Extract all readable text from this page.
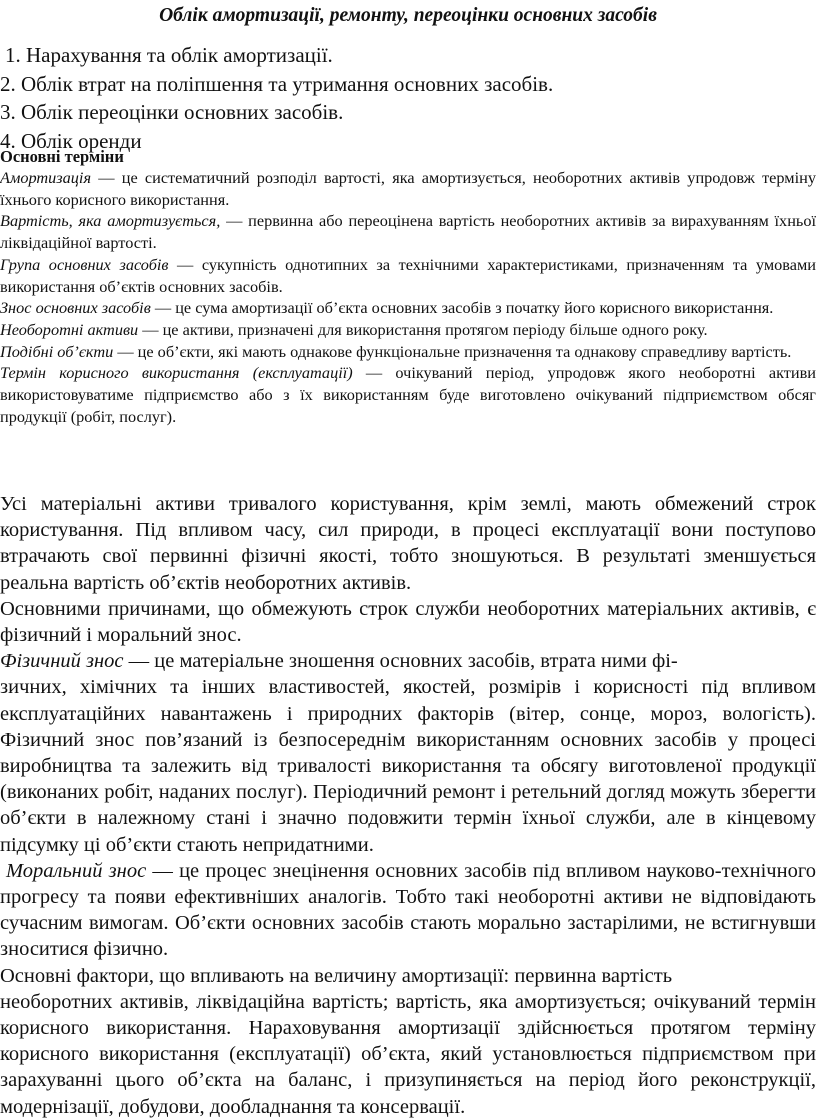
Облік амортизації, ремонту, переоцінки основних засобів
1. Нарахування та облік амортизації.
2. Облік втрат на поліпшення та утримання основних засобів.
3. Облік переоцінки основних засобів.
4. Облік оренди

Основні терміни

Амортизація — це систематичний розподіл вартості, яка амортизується, необоротних активів упродовж терміну їхнього корисного використання.

Вартість, яка амортизується, — первинна або переоцінена вартість необоротних активів за вирахуванням їхньої ліквідаційної вартості.

Група основних засобів — сукупність однотипних за технічними характеристиками, призначенням та умовами використання об’єктів основних засобів.

Знос основних засобів — це сума амортизації об’єкта основних засобів з початку його корисного використання.

Необоротні активи — це активи, призначені для використання протягом періоду більше одного року.

Подібні об’єкти — це об’єкти, які мають однакове функціональне призначення та однакову справедливу вартість.

Термін корисного використання (експлуатації) — очікуваний період, упродовж якого необоротні активи використовуватиме підприємство або з їх використанням буде виготовлено очікуваний підприємством обсяг продукції (робіт, послуг).

Усі матеріальні активи тривалого користування, крім землі, мають обмежений строк користування. Під впливом часу, сил природи, в процесі експлуатації вони поступово втрачають свої первинні фізичні якості, тобто зношуються. В результаті зменшується реальна вартість об’єктів необоротних активів.

Основними причинами, що обмежують строк служби необоротних матеріальних активів, є фізичний і моральний знос.

Фізичний знос — це матеріальне зношення основних засобів, втрата ними фі-

зичних, хімічних та інших властивостей, якостей, розмірів і корисності під впливом експлуатаційних навантажень і природних факторів (вітер, сонце, мороз, вологість). Фізичний знос пов’язаний із безпосереднім використанням основних засобів у процесі виробництва та залежить від тривалості використання та обсягу виготовленої продукції (виконаних робіт, наданих послуг). Періодичний ремонт і ретельний догляд можуть зберегти об’єкти в належному стані і значно подовжити термін їхньої служби, але в кінцевому підсумку ці об’єкти стають непридатними.

Моральний знос — це процес знецінення основних засобів під впливом науково-технічного прогресу та появи ефективніших аналогів. Тобто такі необоротні активи не відповідають сучасним вимогам. Об’єкти основних засобів стають морально застарілими, не встигнувши зноситися фізично.

Основні фактори, що впливають на величину амортизації: первинна вартість

необоротних активів, ліквідаційна вартість; вартість, яка амортизується; очікуваний термін корисного використання. Нараховування амортизації здійснюється протягом терміну корисного використання (експлуатації) об’єкта, який установлюється підприємством при зарахуванні цього об’єкта на баланс, і призупиняється на період його реконструкції, модернізації, добудови, дообладнання та консервації.
